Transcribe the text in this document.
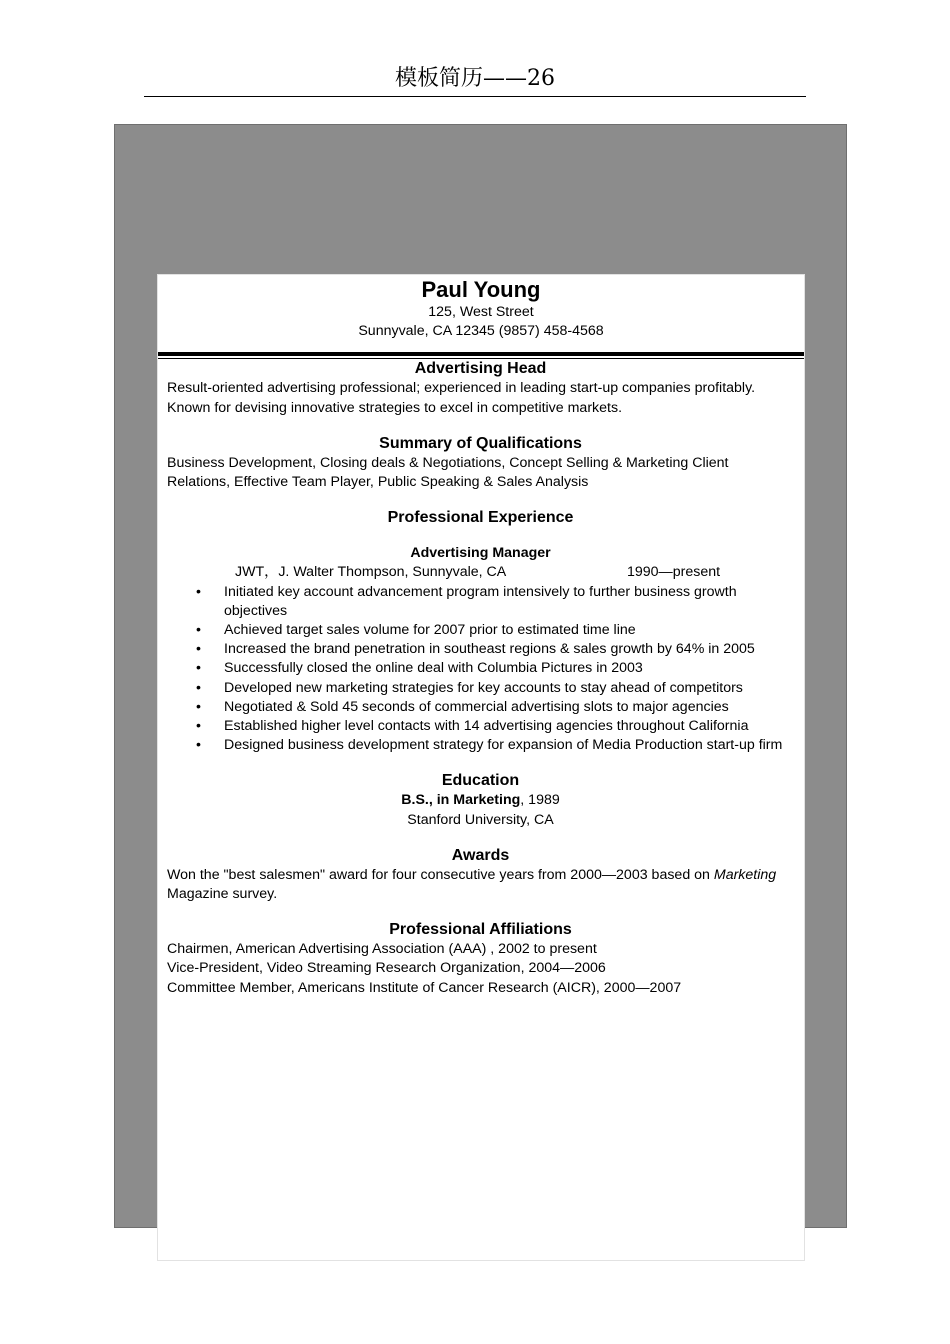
模板简历——26

Paul Young

125, West Street

Sunnyvale, CA 12345 (9857) 458-4568

Advertising Head

Result-oriented advertising professional; experienced in leading start-up companies profitably. Known for devising innovative strategies to excel in competitive markets.

Summary of Qualifications

Business Development, Closing deals & Negotiations, Concept Selling & Marketing Client Relations, Effective Team Player, Public Speaking & Sales Analysis

Professional Experience

Advertising Manager

JWT，J. Walter Thompson, Sunnyvale, CA	1990—present

• Initiated key account advancement program intensively to further business growth objectives
• Achieved target sales volume for 2007 prior to estimated time line
• Increased the brand penetration in southeast regions & sales growth by 64% in 2005
• Successfully closed the online deal with Columbia Pictures in 2003
• Developed new marketing strategies for key accounts to stay ahead of competitors
• Negotiated & Sold 45 seconds of commercial advertising slots to major agencies
• Established higher level contacts with 14 advertising agencies throughout California
• Designed business development strategy for expansion of Media Production start-up firm

Education

B.S., in Marketing, 1989

Stanford University, CA

Awards

Won the "best salesmen" award for four consecutive years from 2000—2003 based on Marketing Magazine survey.

Professional Affiliations

Chairmen, American Advertising Association (AAA) , 2002 to present

Vice-President, Video Streaming Research Organization, 2004—2006

Committee Member, Americans Institute of Cancer Research (AICR), 2000—2007
